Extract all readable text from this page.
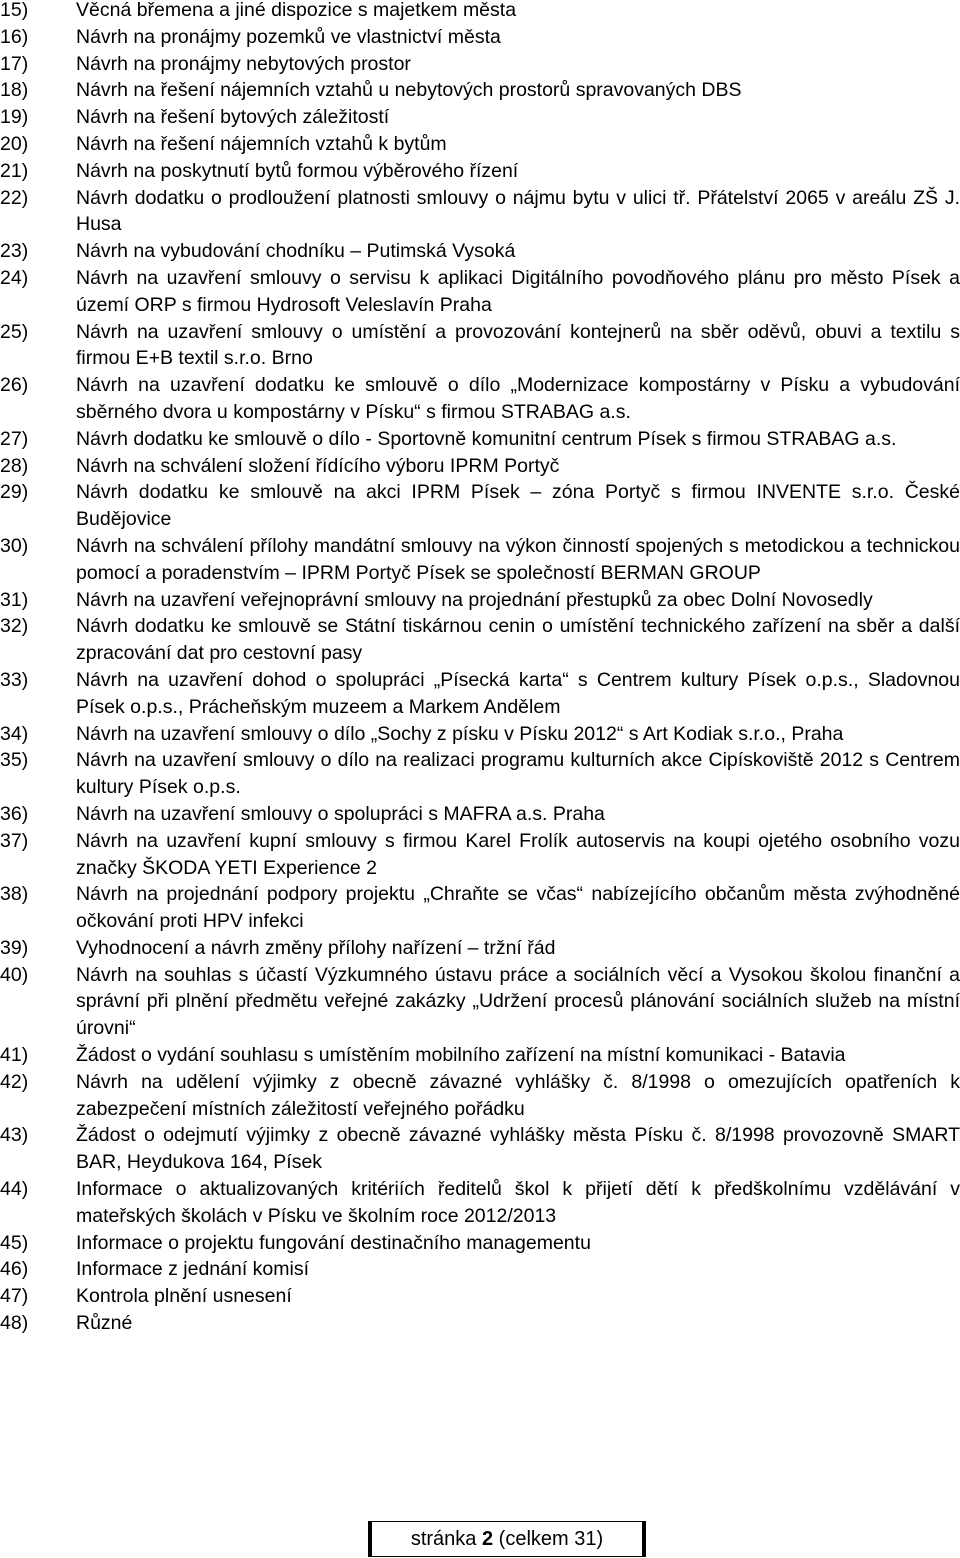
15)	Věcná břemena a jiné dispozice s majetkem města
16)	Návrh na pronájmy pozemků ve vlastnictví města
17)	Návrh na pronájmy nebytových prostor
18)	Návrh na řešení nájemních vztahů u nebytových prostorů spravovaných DBS
19)	Návrh na řešení bytových záležitostí
20)	Návrh na řešení nájemních vztahů k bytům
21)	Návrh na poskytnutí bytů formou výběrového řízení
22)	Návrh dodatku o prodloužení platnosti smlouvy o nájmu bytu v ulici tř. Přátelství 2065 v areálu ZŠ J. Husa
23)	Návrh na vybudování chodníku – Putimská Vysoká
24)	Návrh na uzavření smlouvy o servisu k aplikaci Digitálního povodňového plánu pro město Písek a území ORP s firmou Hydrosoft Veleslavín Praha
25)	Návrh na uzavření smlouvy o umístění a provozování kontejnerů na sběr oděvů, obuvi a textilu s firmou E+B textil s.r.o. Brno
26)	Návrh na uzavření dodatku ke smlouvě o dílo „Modernizace kompostárny v Písku a vybudování sběrného dvora u kompostárny v Písku“ s firmou STRABAG a.s.
27)	Návrh dodatku ke smlouvě o dílo - Sportovně komunitní centrum Písek s firmou STRABAG a.s.
28)	Návrh na schválení složení řídícího výboru IPRM Portyč
29)	Návrh dodatku ke smlouvě na akci IPRM Písek – zóna Portyč s firmou INVENTE s.r.o. České Budějovice
30)	Návrh na schválení přílohy mandátní smlouvy na výkon činností spojených s metodickou a technickou pomocí a poradenstvím – IPRM Portyč Písek se společností BERMAN GROUP
31)	Návrh na uzavření veřejnoprávní smlouvy na projednání přestupků za obec Dolní Novosedly
32)	Návrh dodatku ke smlouvě se Státní tiskárnou cenin o umístění technického zařízení na sběr a další zpracování dat pro cestovní pasy
33)	Návrh na uzavření dohod o spolupráci „Písecká karta“ s Centrem kultury Písek o.p.s., Sladovnou Písek o.p.s., Prácheňským muzeem a Markem Andělem
34)	Návrh na uzavření smlouvy o dílo „Sochy z písku v Písku 2012“ s Art Kodiak s.r.o., Praha
35)	Návrh na uzavření smlouvy o dílo na realizaci programu kulturních akce Cipískoviště 2012 s Centrem kultury Písek o.p.s.
36)	Návrh na uzavření smlouvy o spolupráci s MAFRA a.s. Praha
37)	Návrh na uzavření kupní smlouvy s firmou Karel Frolík autoservis na koupi ojetého osobního vozu značky ŠKODA YETI Experience 2
38)	Návrh na projednání podpory projektu „Chraňte se včas“ nabízejícího občanům města zvýhodněné očkování proti HPV infekci
39)	Vyhodnocení a návrh změny přílohy nařízení – tržní řád
40)	Návrh na souhlas s účastí Výzkumného ústavu práce a sociálních věcí a Vysokou školou finanční a správní při plnění předmětu veřejné zakázky „Udržení procesů plánování sociálních služeb na místní úrovni“
41)	Žádost o vydání souhlasu s umístěním mobilního zařízení na místní komunikaci - Batavia
42)	Návrh na udělení výjimky z obecně závazné vyhlášky č. 8/1998 o omezujících opatřeních k zabezpečení místních záležitostí veřejného pořádku
43)	Žádost o odejmutí výjimky z obecně závazné vyhlášky města Písku č. 8/1998 provozovně SMART BAR, Heydukova 164, Písek
44)	Informace o aktualizovaných kritériích ředitelů škol k přijetí dětí k předškolnímu vzdělávání v mateřských školách v Písku ve školním roce 2012/2013
45)	Informace o projektu fungování destinačního managementu
46)	Informace z jednání komisí
47)	Kontrola plnění usnesení
48)	Různé
stránka 2 (celkem 31)
